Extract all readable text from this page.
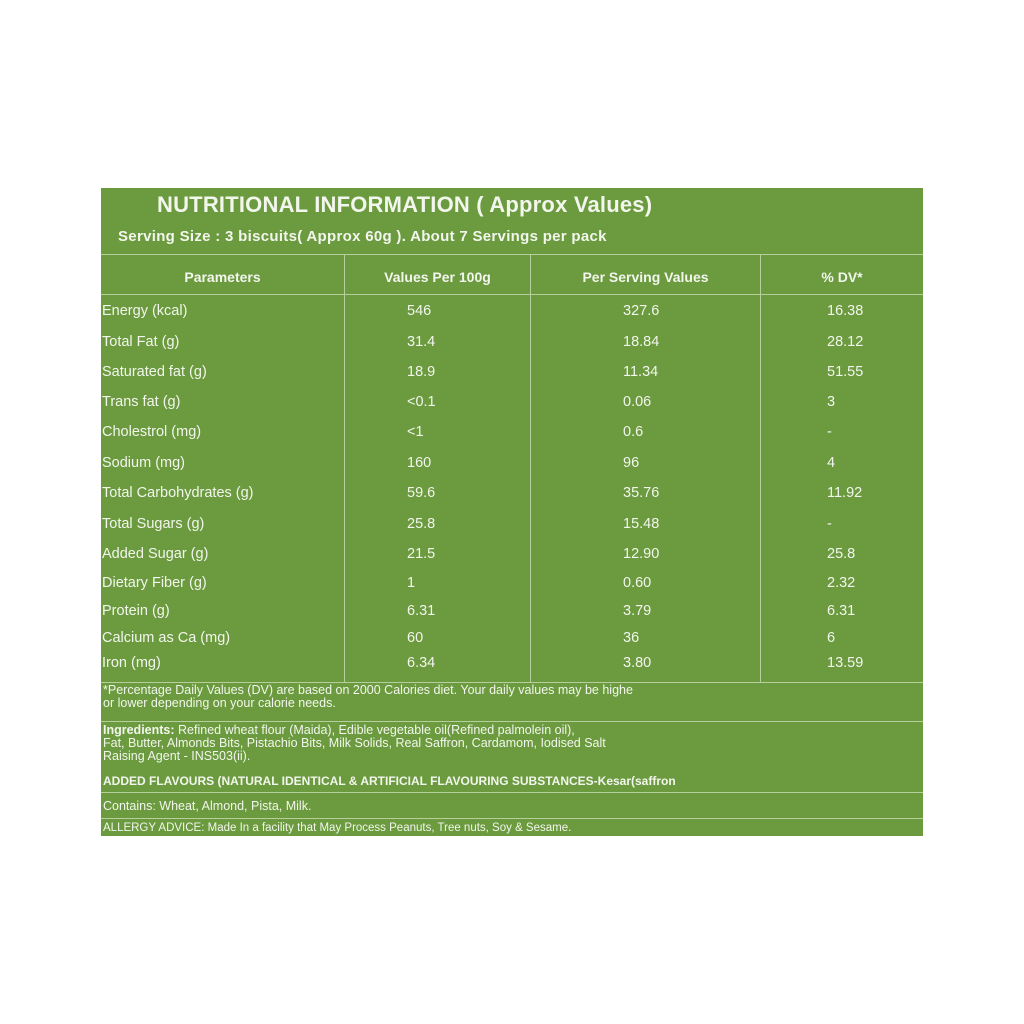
NUTRITIONAL INFORMATION ( Approx Values)
Serving Size : 3 biscuits( Approx 60g ). About 7 Servings per pack
Parameters	Values Per 100g	Per Serving Values	% DV*
Energy (kcal)	546	327.6	16.38
Total Fat (g)	31.4	18.84	28.12
Saturated fat (g)	18.9	11.34	51.55
Trans fat (g)	<0.1	0.06	3
Cholestrol (mg)	<1	0.6	-
Sodium (mg)	160	96	4
Total Carbohydrates (g)	59.6	35.76	11.92
Total Sugars (g)	25.8	15.48	-
Added Sugar (g)	21.5	12.90	25.8
Dietary Fiber (g)	1	0.60	2.32
Protein (g)	6.31	3.79	6.31
Calcium as Ca (mg)	60	36	6
Iron (mg)	6.34	3.80	13.59
*Percentage Daily Values (DV) are based on 2000 Calories diet. Your daily values may be highe
or lower depending on your calorie needs.
Ingredients: Refined wheat flour (Maida), Edible vegetable oil(Refined palmolein oil),
Fat, Butter, Almonds Bits, Pistachio Bits, Milk Solids, Real Saffron, Cardamom, Iodised Salt
Raising Agent - INS503(ii).
ADDED FLAVOURS (NATURAL IDENTICAL & ARTIFICIAL FLAVOURING SUBSTANCES-Kesar(saffron
Contains: Wheat, Almond, Pista, Milk.
ALLERGY ADVICE: Made In a facility that May Process Peanuts, Tree nuts, Soy & Sesame.
